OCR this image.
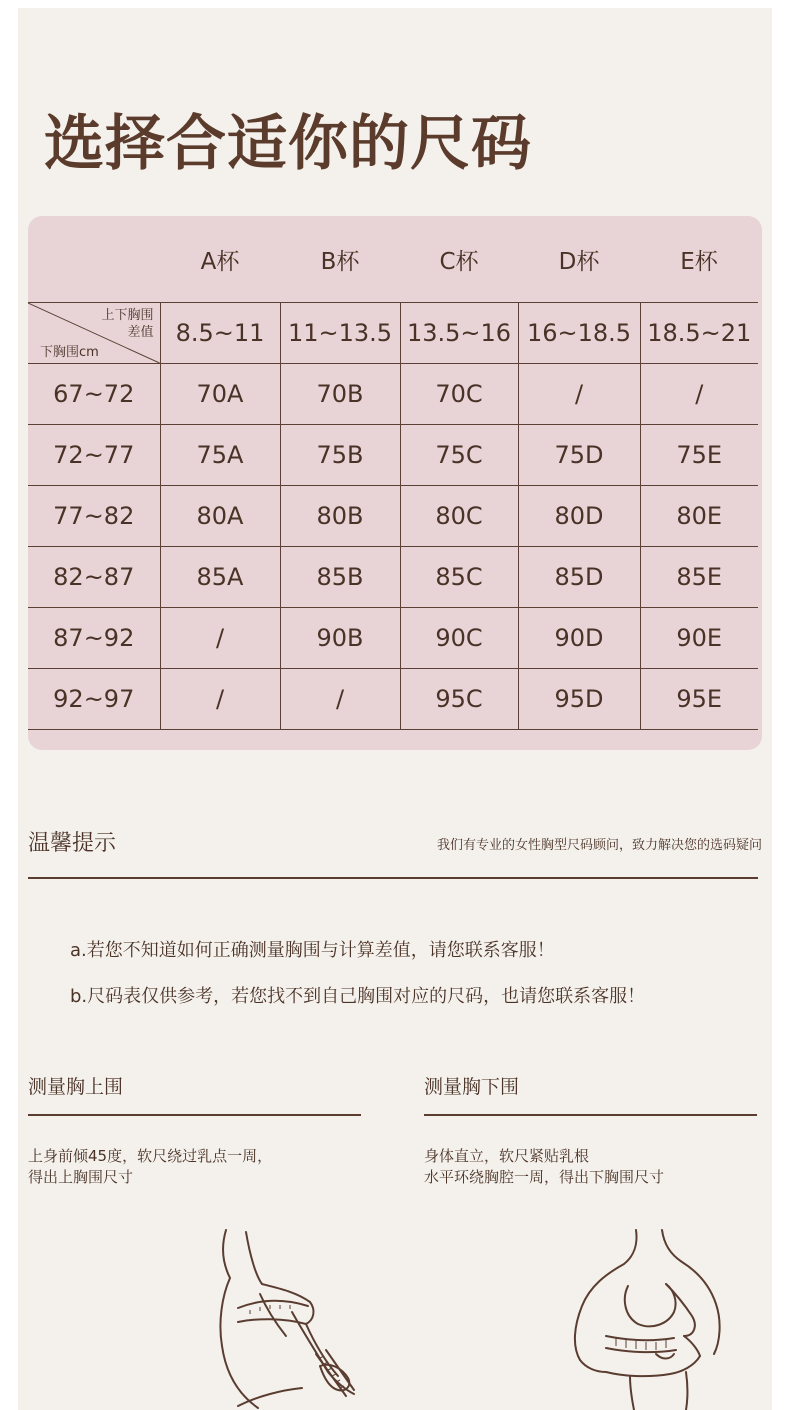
选择合适你的尺码
	A杯	B杯	C杯	D杯	E杯

上下胸围
差值
下胸围cm	8.5~11	11~13.5	13.5~16	16~18.5	18.5~21
67~72	70A	70B	70C	/	/
72~77	75A	75B	75C	75D	75E
77~82	80A	80B	80C	80D	80E
82~87	85A	85B	85C	85D	85E
87~92	/	90B	90C	90D	90E
92~97	/	/	95C	95D	95E
温馨提示	我们有专业的女性胸型尺码顾问，致力解决您的选码疑问
a.若您不知道如何正确测量胸围与计算差值，请您联系客服！
b.尺码表仅供参考，若您找不到自己胸围对应的尺码，也请您联系客服！
测量胸上围
上身前倾45度，软尺绕过乳点一周，
得出上胸围尺寸
测量胸下围
身体直立，软尺紧贴乳根
水平环绕胸腔一周，得出下胸围尺寸
